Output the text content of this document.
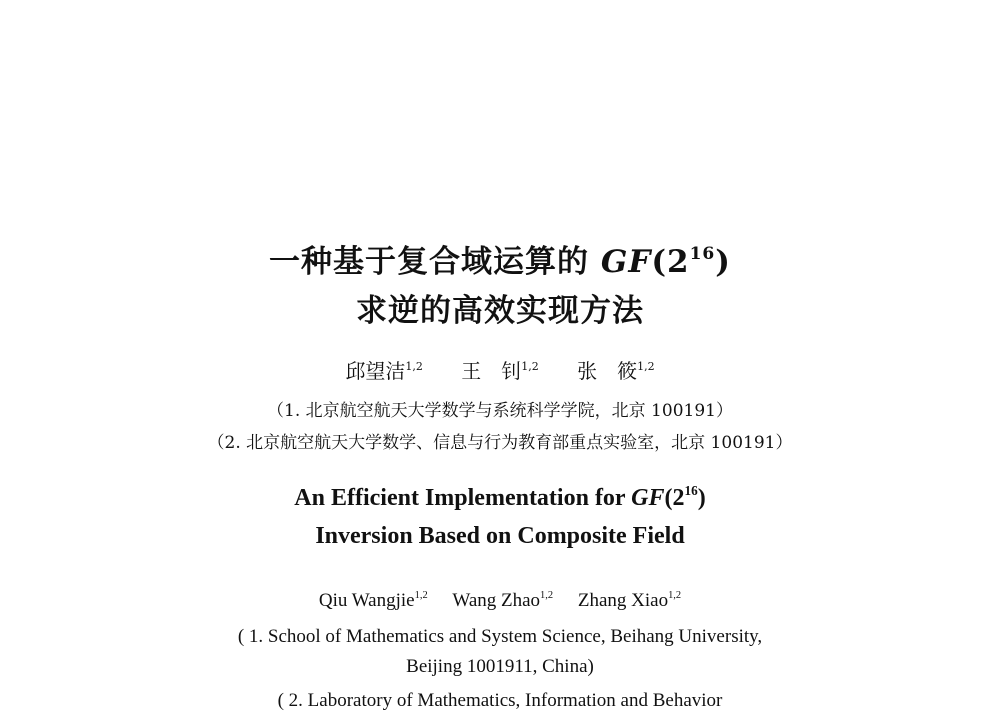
一种基于复合域运算的 $GF(2^{16})$
求逆的高效实现方法
邱望洁$^{1,2}$ 王　钊$^{1,2}$ 张　筱$^{1,2}$
（1. 北京航空航天大学数学与系统科学学院，北京 100191）
（2. 北京航空航天大学数学、信息与行为教育部重点实验室，北京 100191）
An Efficient Implementation for $GF(2^{16})$
Inversion Based on Composite Field
Qiu Wangjie$^{1,2}$ Wang Zhao$^{1,2}$ Zhang Xiao$^{1,2}$
( 1. School of Mathematics and System Science, Beihang University,
Beijing 1001911, China)
( 2. Laboratory of Mathematics, Information and Behavior
